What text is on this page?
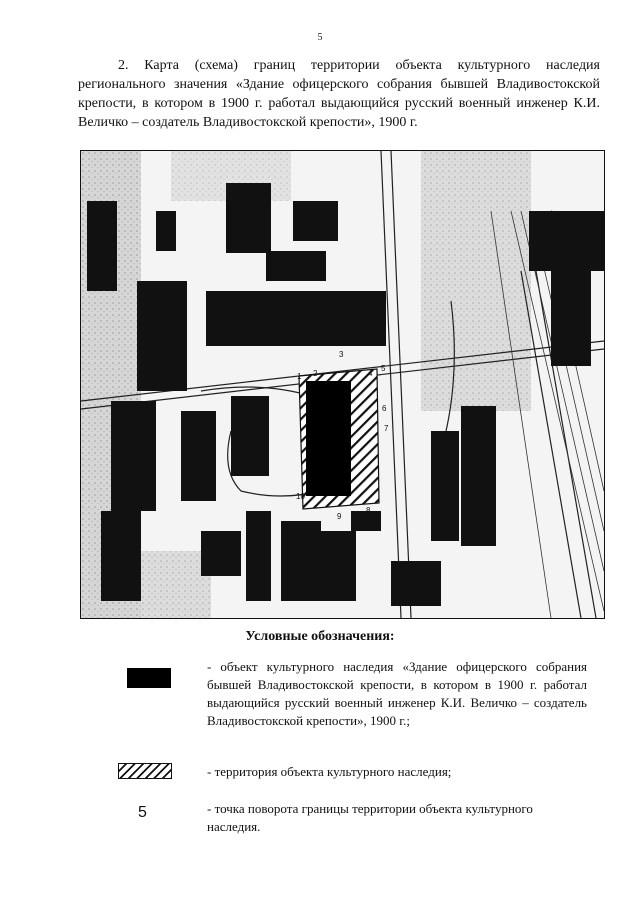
5
2. Карта (схема) границ территории объекта культурного наследия регионального значения «Здание офицерского собрания бывшей Владивостокской крепости, в котором в 1900 г. работал выдающийся русский военный инженер К.И. Величко – создатель Владивостокской крепости», 1900 г.
1 2
3
4
5
6
7
8
9
10
Условные обозначения:
- объект культурного наследия «Здание офицерского собрания бывшей Владивостокской крепости, в котором в 1900 г. работал выдающийся русский военный инженер К.И. Величко – создатель Владивостокской крепости», 1900 г.;
- территория объекта культурного наследия;
5	- точка поворота границы территории объекта культурного наследия.
